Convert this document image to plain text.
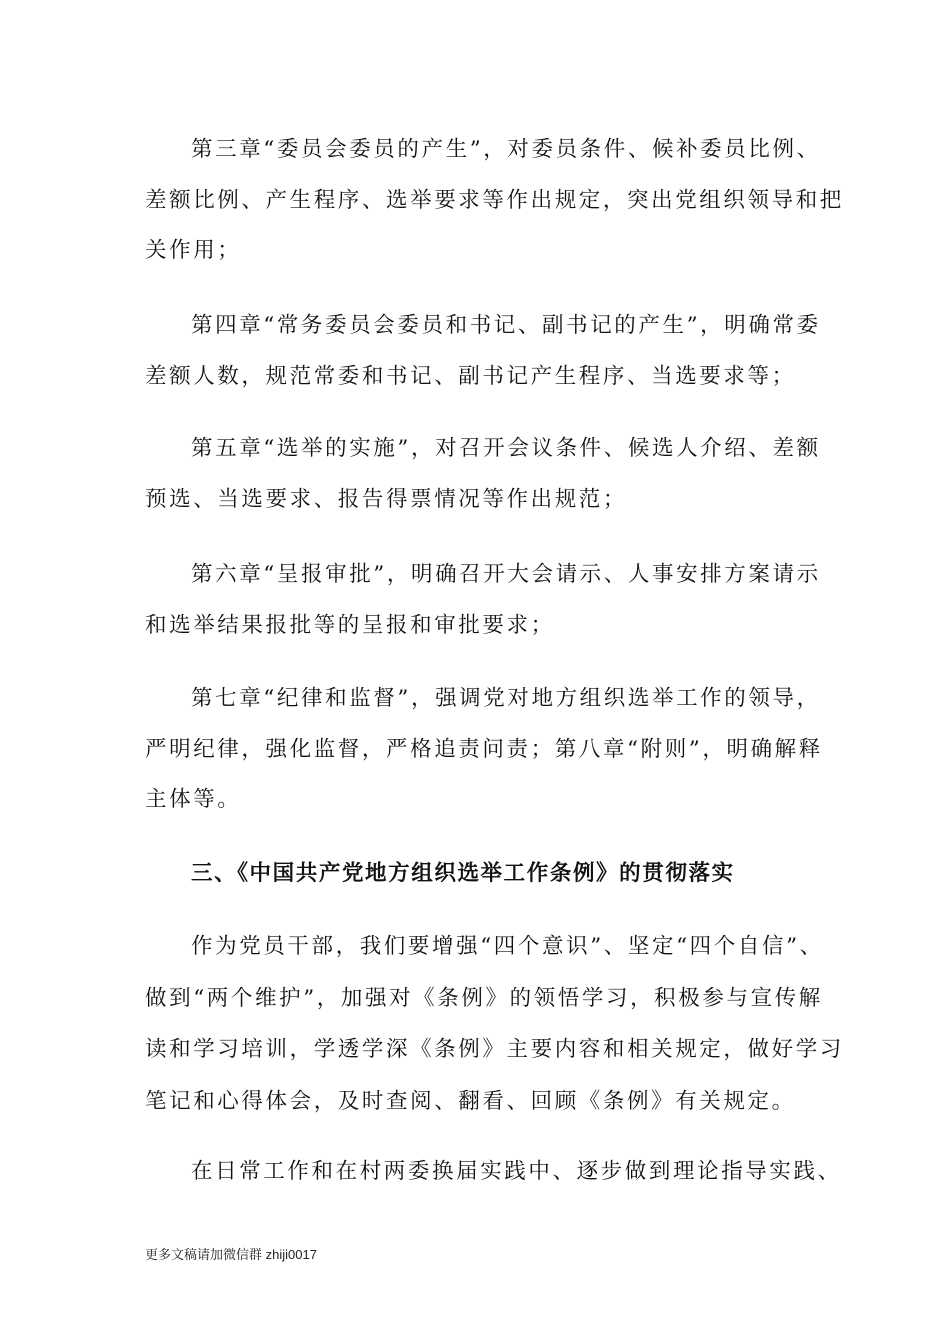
第三章“委员会委员的产生”，对委员条件、候补委员比例、
差额比例、产生程序、选举要求等作出规定，突出党组织领导和把
关作用；
第四章“常务委员会委员和书记、副书记的产生”，明确常委
差额人数，规范常委和书记、副书记产生程序、当选要求等；
第五章“选举的实施”，对召开会议条件、候选人介绍、差额
预选、当选要求、报告得票情况等作出规范；
第六章“呈报审批”，明确召开大会请示、人事安排方案请示
和选举结果报批等的呈报和审批要求；
第七章“纪律和监督”，强调党对地方组织选举工作的领导，
严明纪律，强化监督，严格追责问责；第八章“附则”，明确解释
主体等。
三、《中国共产党地方组织选举工作条例》的贯彻落实
作为党员干部，我们要增强“四个意识”、坚定“四个自信”、
做到“两个维护”，加强对《条例》的领悟学习，积极参与宣传解
读和学习培训，学透学深《条例》主要内容和相关规定，做好学习
笔记和心得体会，及时查阅、翻看、回顾《条例》有关规定。
在日常工作和在村两委换届实践中、逐步做到理论指导实践、
更多文稿请加微信群 zhiji0017
